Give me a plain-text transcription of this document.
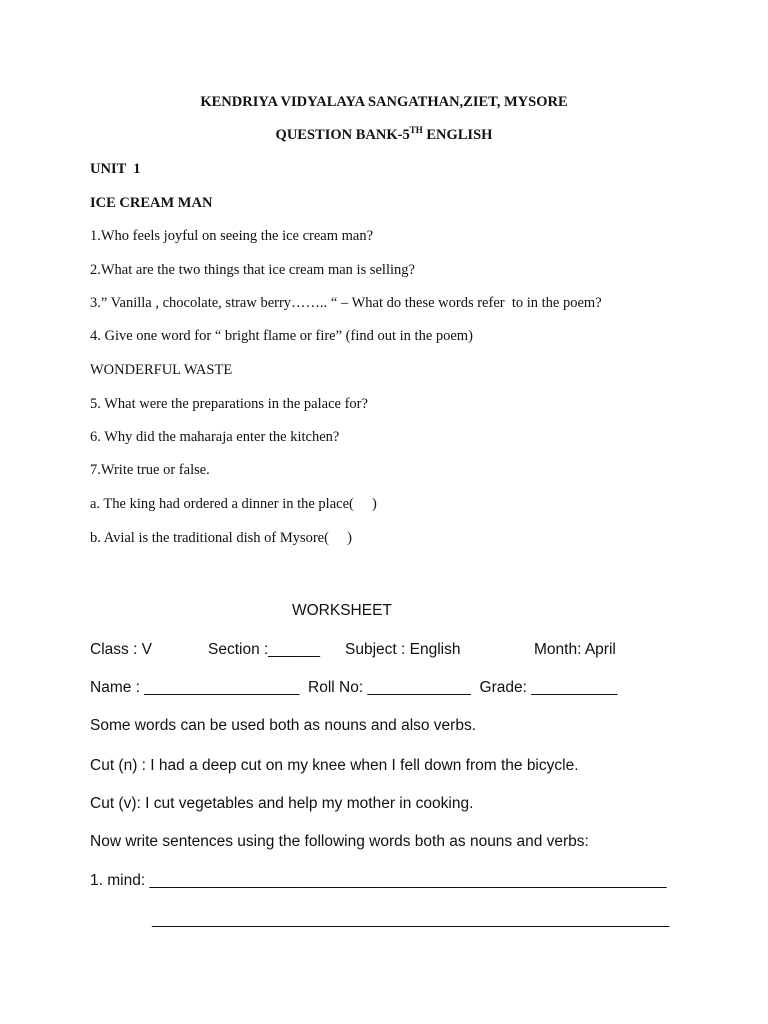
KENDRIYA VIDYALAYA SANGATHAN,ZIET, MYSORE
QUESTION BANK-5TH ENGLISH
UNIT  1
ICE CREAM MAN
1.Who feels joyful on seeing the ice cream man?
2.What are the two things that ice cream man is selling?
3.” Vanilla , chocolate, straw berry…….. “ – What do these words refer  to in the poem?
4. Give one word for “ bright flame or fire” (find out in the poem)
WONDERFUL WASTE
5. What were the preparations in the palace for?
6. Why did the maharaja enter the kitchen?
7.Write true or false.
a. The king had ordered a dinner in the place(     )
b. Avial is the traditional dish of Mysore(     )
WORKSHEET
Class : V	Section :______ Subject : English	Month: April
Name : __________________  Roll No: ____________  Grade: __________
Some words can be used both as nouns and also verbs.
Cut (n) : I had a deep cut on my knee when I fell down from the bicycle.
Cut (v): I cut vegetables and help my mother in cooking.
Now write sentences using the following words both as nouns and verbs:
1. mind: ____________________________________________________________
____________________________________________________________
